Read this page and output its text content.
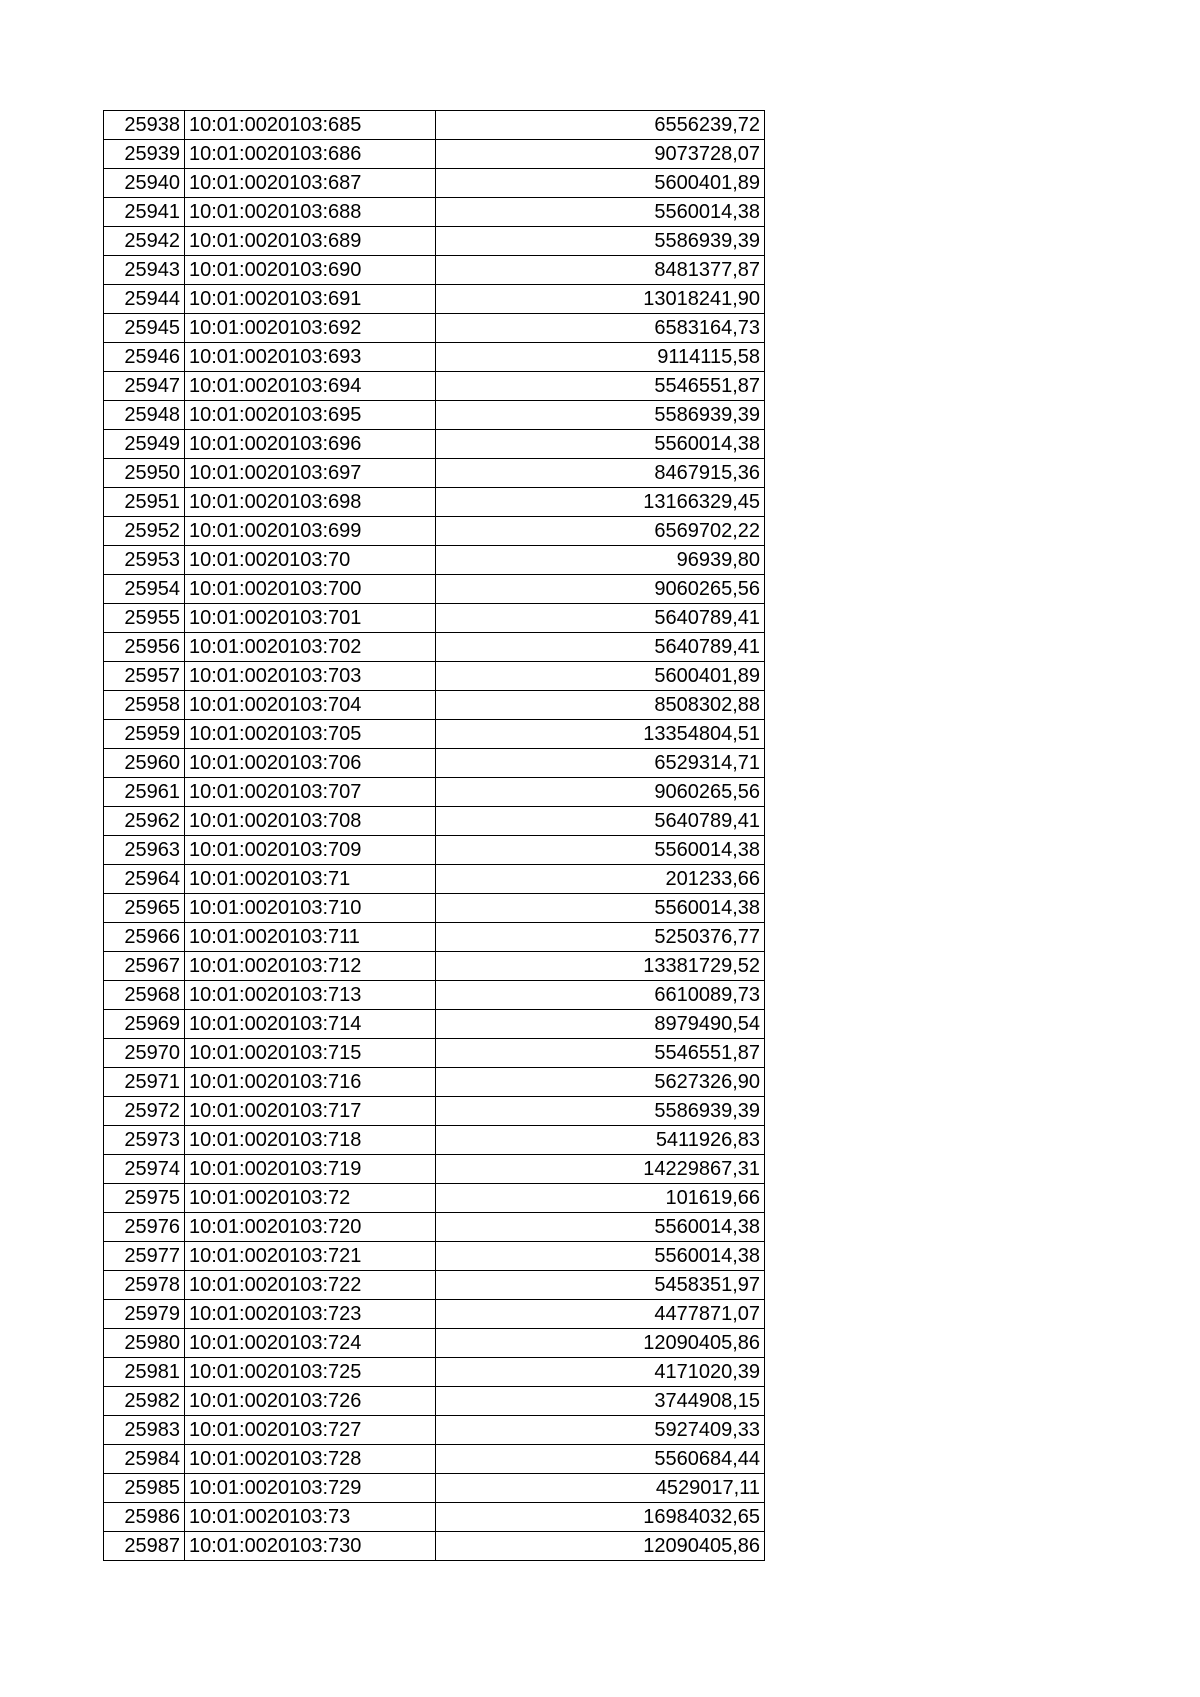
25938	10:01:0020103:685	6556239,72
25939	10:01:0020103:686	9073728,07
25940	10:01:0020103:687	5600401,89
25941	10:01:0020103:688	5560014,38
25942	10:01:0020103:689	5586939,39
25943	10:01:0020103:690	8481377,87
25944	10:01:0020103:691	13018241,90
25945	10:01:0020103:692	6583164,73
25946	10:01:0020103:693	9114115,58
25947	10:01:0020103:694	5546551,87
25948	10:01:0020103:695	5586939,39
25949	10:01:0020103:696	5560014,38
25950	10:01:0020103:697	8467915,36
25951	10:01:0020103:698	13166329,45
25952	10:01:0020103:699	6569702,22
25953	10:01:0020103:70	96939,80
25954	10:01:0020103:700	9060265,56
25955	10:01:0020103:701	5640789,41
25956	10:01:0020103:702	5640789,41
25957	10:01:0020103:703	5600401,89
25958	10:01:0020103:704	8508302,88
25959	10:01:0020103:705	13354804,51
25960	10:01:0020103:706	6529314,71
25961	10:01:0020103:707	9060265,56
25962	10:01:0020103:708	5640789,41
25963	10:01:0020103:709	5560014,38
25964	10:01:0020103:71	201233,66
25965	10:01:0020103:710	5560014,38
25966	10:01:0020103:711	5250376,77
25967	10:01:0020103:712	13381729,52
25968	10:01:0020103:713	6610089,73
25969	10:01:0020103:714	8979490,54
25970	10:01:0020103:715	5546551,87
25971	10:01:0020103:716	5627326,90
25972	10:01:0020103:717	5586939,39
25973	10:01:0020103:718	5411926,83
25974	10:01:0020103:719	14229867,31
25975	10:01:0020103:72	101619,66
25976	10:01:0020103:720	5560014,38
25977	10:01:0020103:721	5560014,38
25978	10:01:0020103:722	5458351,97
25979	10:01:0020103:723	4477871,07
25980	10:01:0020103:724	12090405,86
25981	10:01:0020103:725	4171020,39
25982	10:01:0020103:726	3744908,15
25983	10:01:0020103:727	5927409,33
25984	10:01:0020103:728	5560684,44
25985	10:01:0020103:729	4529017,11
25986	10:01:0020103:73	16984032,65
25987	10:01:0020103:730	12090405,86
